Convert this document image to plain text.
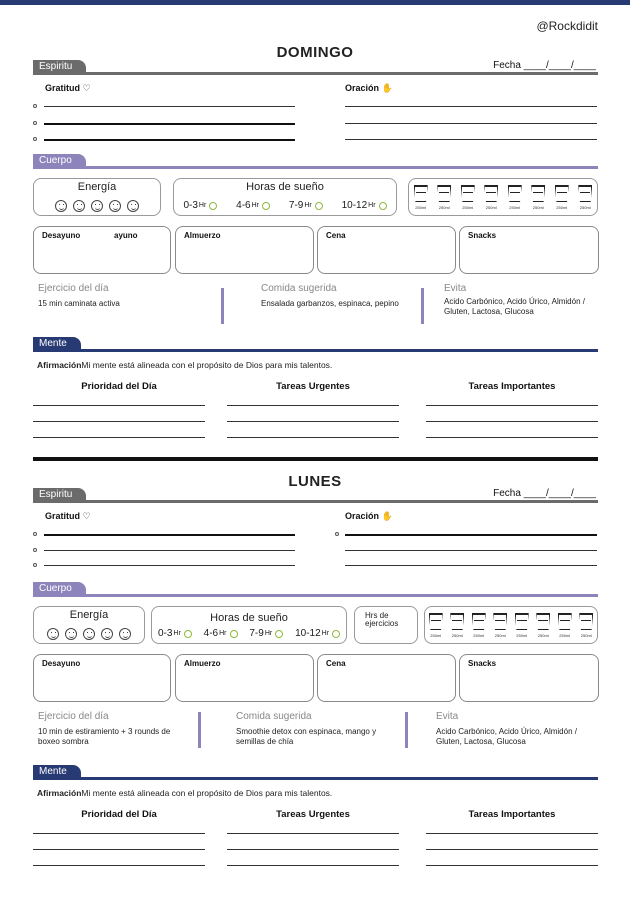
@Rockdidit
DOMINGO
Espiritu	Fecha ____/____/____
Gratitud ♡	Oración ✋
Cuerpo
Energía	Horas de sueño
0-3 Hr	4-6 Hr	7-9 Hr	10-12 Hr	250ml	250ml	250ml	250ml	250ml	250ml	250ml	250ml
Desayuno	ayuno	Almuerzo	Cena	Snacks
Ejercicio del día
15 min caminata activa
Comida sugerida
Ensalada garbanzos, espinaca, pepino
Evita
Acido Carbónico, Acido Úrico, Almidón / Gluten, Lactosa, Glucosa
Mente
AfirmaciónMi mente está alineada con el propósito de Dios para mis talentos.
Prioridad del Día	Tareas Urgentes	Tareas Importantes
LUNES
Espiritu	Fecha ____/____/____
Gratitud ♡	Oración ✋
Cuerpo
Energía	Horas de sueño
0-3 Hr 4-6 Hr 7-9 Hr 10-12 Hr
Hrs de ejercicios
250ml	250ml	250ml	250ml	250ml	250ml	250ml	250ml
Desayuno	Almuerzo	Cena	Snacks
Ejercicio del día
10 min de estiramiento + 3 rounds de boxeo sombra
Comida sugerida
Smoothie detox con espinaca, mango y semillas de chía
Evita
Acido Carbónico, Acido Úrico, Almidón / Gluten, Lactosa, Glucosa
Mente
AfirmaciónMi mente está alineada con el propósito de Dios para mis talentos.
Prioridad del Día	Tareas Urgentes	Tareas Importantes
